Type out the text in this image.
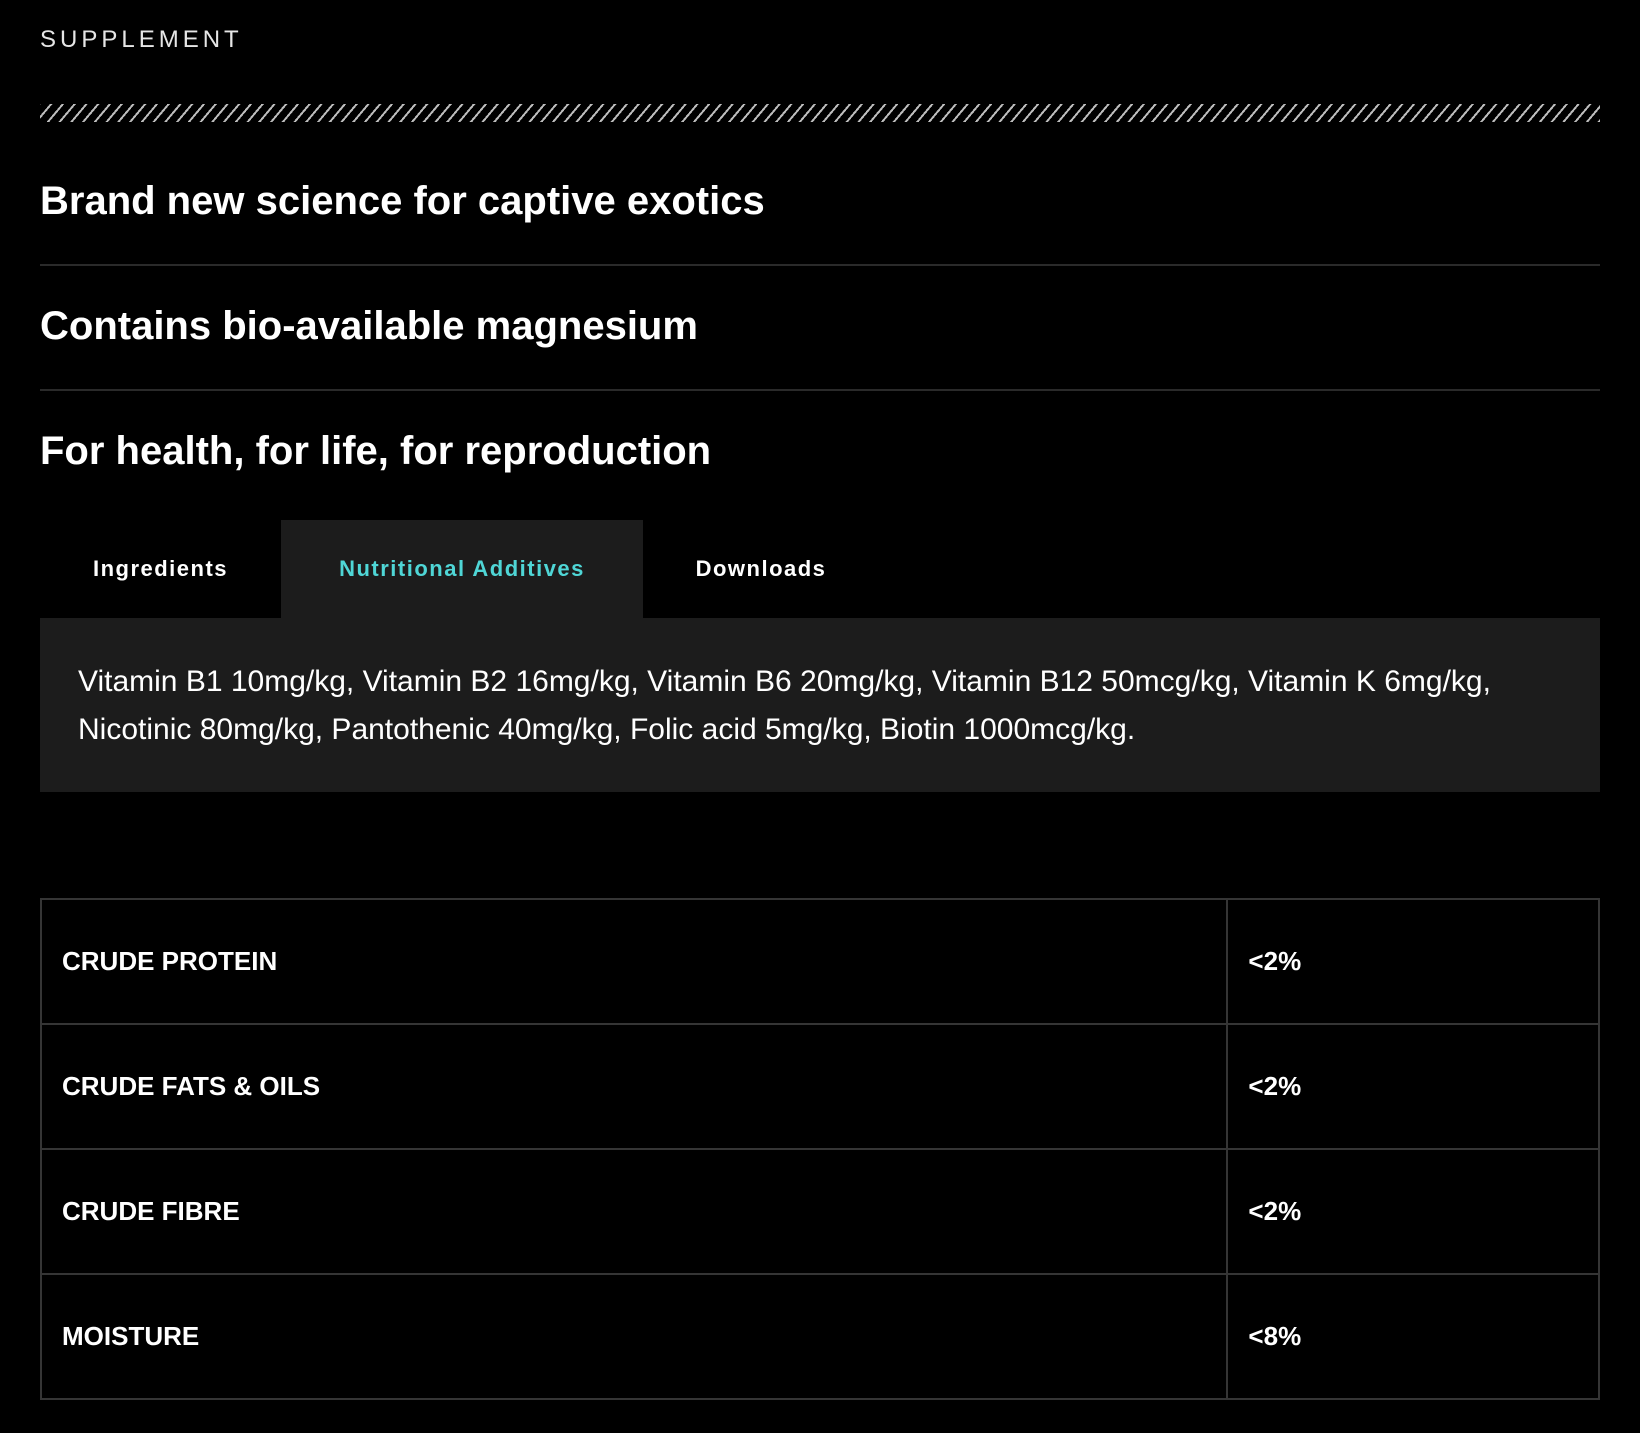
SUPPLEMENT
Brand new science for captive exotics
Contains bio-available magnesium
For health, for life, for reproduction
Ingredients	Nutritional Additives	Downloads
Vitamin B1 10mg/kg, Vitamin B2 16mg/kg, Vitamin B6 20mg/kg, Vitamin B12 50mcg/kg, Vitamin K 6mg/kg, Nicotinic 80mg/kg, Pantothenic 40mg/kg, Folic acid 5mg/kg, Biotin 1000mcg/kg.
CRUDE PROTEIN	<2%
CRUDE FATS & OILS	<2%
CRUDE FIBRE	<2%
MOISTURE	<8%
